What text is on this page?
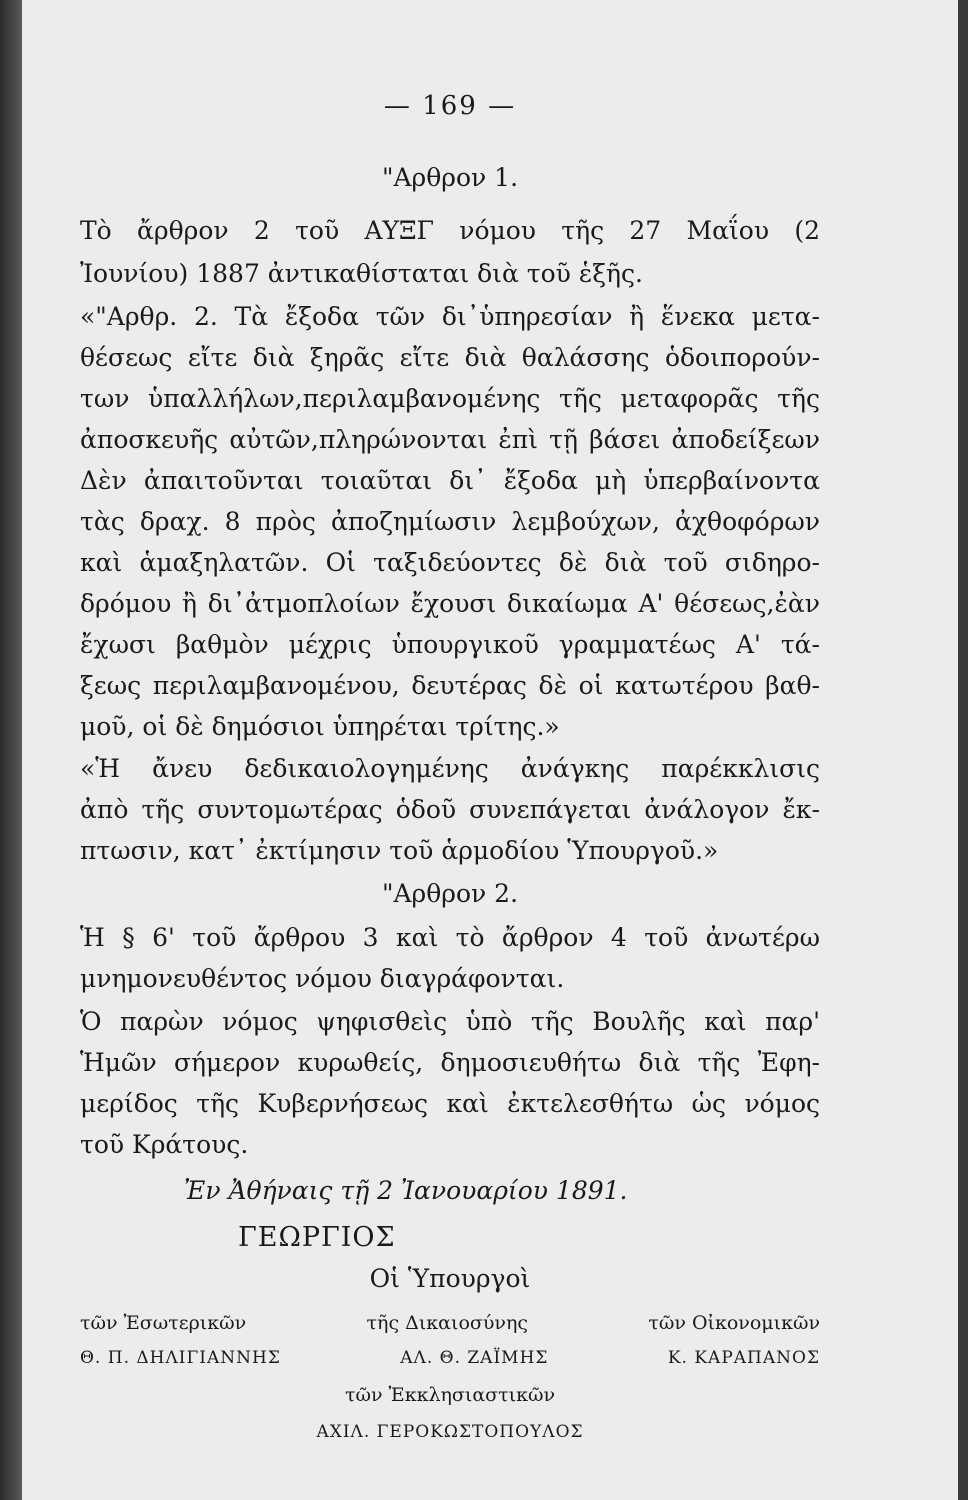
— 169 —
"Αρθρον 1.
Τὸ ἄρθρον 2 τοῦ ΑΥΞΓ νόμου τῆς 27 Μαΐου (2
Ἰουνίου) 1887 ἀντικαθίσταται διὰ τοῦ ἑξῆς.
«"Αρθρ. 2. Τὰ ἔξοδα τῶν δι᾽ὑπηρεσίαν ἢ ἕνεκα μετα-
θέσεως εἴτε διὰ ξηρᾶς εἴτε διὰ θαλάσσης ὁδοιπορούν-
των ὑπαλλήλων,περιλαμβανομένης τῆς μεταφορᾶς τῆς
ἀποσκευῆς αὐτῶν,πληρώνονται ἐπὶ τῇ βάσει ἀποδείξεων
Δὲν ἀπαιτοῦνται τοιαῦται δι᾽ ἔξοδα μὴ ὑπερβαίνοντα
τὰς δραχ. 8 πρὸς ἀποζημίωσιν λεμβούχων, ἀχθοφόρων
καὶ ἁμαξηλατῶν. Οἱ ταξιδεύοντες δὲ διὰ τοῦ σιδηρο-
δρόμου ἢ δι᾽ἀτμοπλοίων ἔχουσι δικαίωμα Α' θέσεως,ἐὰν
ἔχωσι βαθμὸν μέχρις ὑπουργικοῦ γραμματέως Α' τά-
ξεως περιλαμβανομένου, δευτέρας δὲ οἱ κατωτέρου βαθ-
μοῦ, οἱ δὲ δημόσιοι ὑπηρέται τρίτης.»
«Ἡ ἄνευ δεδικαιολογημένης ἀνάγκης παρέκκλισις
ἀπὸ τῆς συντομωτέρας ὁδοῦ συνεπάγεται ἀνάλογον ἔκ-
πτωσιν, κατ᾽ ἐκτίμησιν τοῦ ἁρμοδίου Ὑπουργοῦ.»
"Αρθρον 2.
Ἡ § 6' τοῦ ἄρθρου 3 καὶ τὸ ἄρθρον 4 τοῦ ἀνωτέρω
μνημονευθέντος νόμου διαγράφονται.
Ὁ παρὼν νόμος ψηφισθεὶς ὑπὸ τῆς Βουλῆς καὶ παρ'
Ἡμῶν σήμερον κυρωθείς, δημοσιευθήτω διὰ τῆς Ἐφη-
μερίδος τῆς Κυβερνήσεως καὶ ἐκτελεσθήτω ὡς νόμος
τοῦ Κράτους.
Ἐν Ἀθήναις τῇ 2 Ἰανουαρίου 1891.
ΓΕΩΡΓΙΟΣ
Οἱ Ὑπουργοὶ
τῶν Ἐσωτερικῶν	τῆς Δικαιοσύνης	τῶν Οἰκονομικῶν
Θ. Π. ΔΗΛΙΓΙΑΝΝΗΣ	ΑΛ. Θ. ΖΑΪΜΗΣ	Κ. ΚΑΡΑΠΑΝΟΣ
τῶν Ἐκκλησιαστικῶν
ΑΧΙΛ. ΓΕΡΟΚΩΣΤΟΠΟΥΛΟΣ
